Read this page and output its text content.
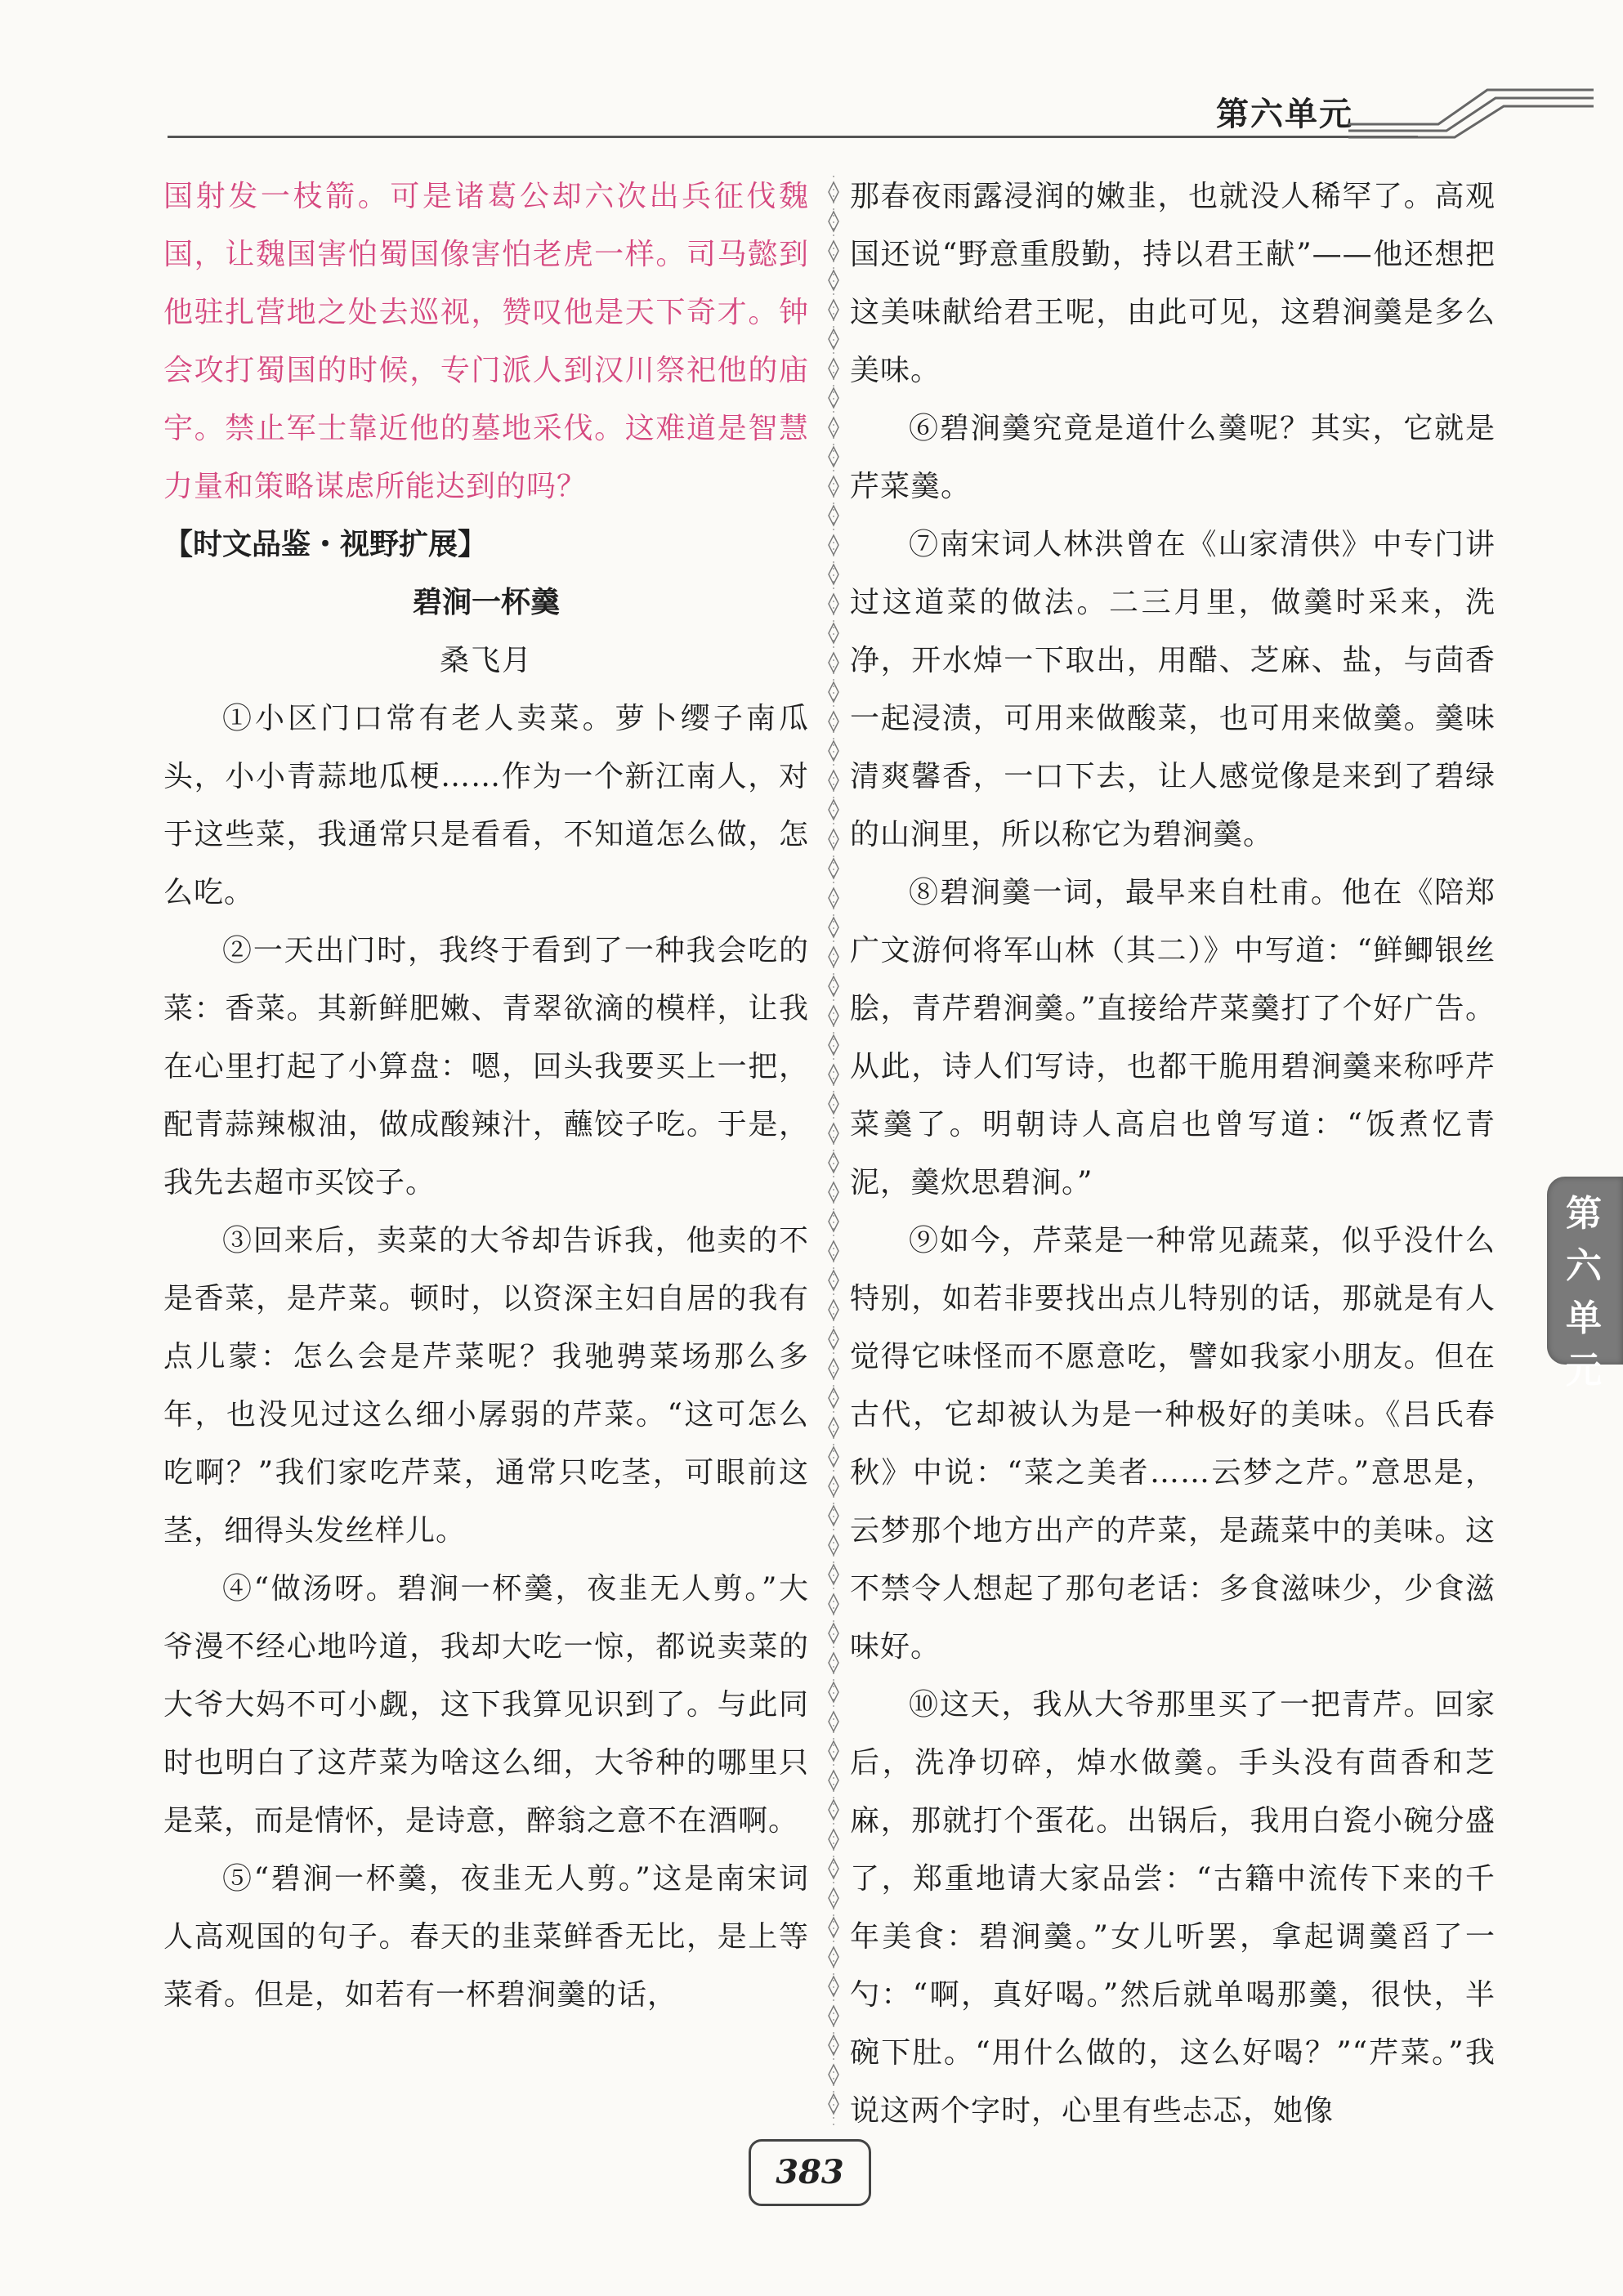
第六单元
第六单元

国射发一枝箭。可是诸葛公却六次出兵征伐魏国，让魏国害怕蜀国像害怕老虎一样。司马懿到他驻扎营地之处去巡视，赞叹他是天下奇才。钟会攻打蜀国的时候，专门派人到汉川祭祀他的庙宇。禁止军士靠近他的墓地采伐。这难道是智慧力量和策略谋虑所能达到的吗？

【时文品鉴・视野扩展】

碧涧一杯羹

桑飞月

①小区门口常有老人卖菜。萝卜缨子南瓜头，小小青蒜地瓜梗……作为一个新江南人，对于这些菜，我通常只是看看，不知道怎么做，怎么吃。

②一天出门时，我终于看到了一种我会吃的菜：香菜。其新鲜肥嫩、青翠欲滴的模样，让我在心里打起了小算盘：嗯，回头我要买上一把，配青蒜辣椒油，做成酸辣汁，蘸饺子吃。于是，我先去超市买饺子。

③回来后，卖菜的大爷却告诉我，他卖的不是香菜，是芹菜。顿时，以资深主妇自居的我有点儿蒙：怎么会是芹菜呢？我驰骋菜场那么多年，也没见过这么细小孱弱的芹菜。“这可怎么吃啊？”我们家吃芹菜，通常只吃茎，可眼前这茎，细得头发丝样儿。

④“做汤呀。碧涧一杯羹，夜韭无人剪。”大爷漫不经心地吟道，我却大吃一惊，都说卖菜的大爷大妈不可小觑，这下我算见识到了。与此同时也明白了这芹菜为啥这么细，大爷种的哪里只是菜，而是情怀，是诗意，醉翁之意不在酒啊。

⑤“碧涧一杯羹，夜韭无人剪。”这是南宋词人高观国的句子。春天的韭菜鲜香无比，是上等菜肴。但是，如若有一杯碧涧羹的话，

那春夜雨露浸润的嫩韭，也就没人稀罕了。高观国还说“野意重殷勤，持以君王献”——他还想把这美味献给君王呢，由此可见，这碧涧羹是多么美味。

⑥碧涧羹究竟是道什么羹呢？其实，它就是芹菜羹。

⑦南宋词人林洪曾在《山家清供》中专门讲过这道菜的做法。二三月里，做羹时采来，洗净，开水焯一下取出，用醋、芝麻、盐，与茴香一起浸渍，可用来做酸菜，也可用来做羹。羹味清爽馨香，一口下去，让人感觉像是来到了碧绿的山涧里，所以称它为碧涧羹。

⑧碧涧羹一词，最早来自杜甫。他在《陪郑广文游何将军山林（其二）》中写道：“鲜鲫银丝脍，青芹碧涧羹。”直接给芹菜羹打了个好广告。从此，诗人们写诗，也都干脆用碧涧羹来称呼芹菜羹了。明朝诗人高启也曾写道：“饭煮忆青泥，羹炊思碧涧。”

⑨如今，芹菜是一种常见蔬菜，似乎没什么特别，如若非要找出点儿特别的话，那就是有人觉得它味怪而不愿意吃，譬如我家小朋友。但在古代，它却被认为是一种极好的美味。《吕氏春秋》中说：“菜之美者……云梦之芹。”意思是，云梦那个地方出产的芹菜，是蔬菜中的美味。这不禁令人想起了那句老话：多食滋味少，少食滋味好。

⑩这天，我从大爷那里买了一把青芹。回家后，洗净切碎，焯水做羹。手头没有茴香和芝麻，那就打个蛋花。出锅后，我用白瓷小碗分盛了，郑重地请大家品尝：“古籍中流传下来的千年美食：碧涧羹。”女儿听罢，拿起调羹舀了一勺：“啊，真好喝。”然后就单喝那羹，很快，半碗下肚。“用什么做的，这么好喝？”“芹菜。”我说这两个字时，心里有些忐忑，她像

383
